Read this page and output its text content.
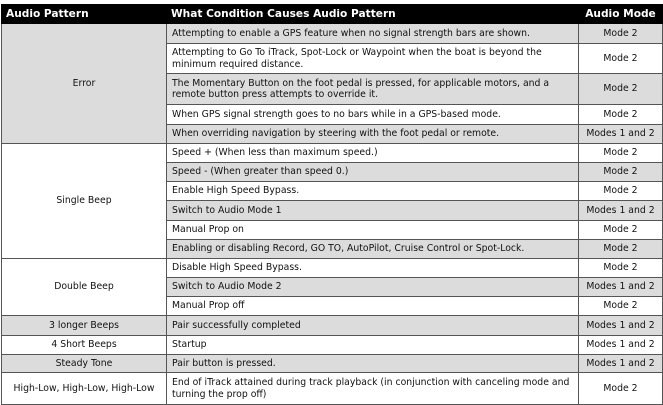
Audio Pattern	What Condition Causes Audio Pattern	Audio Mode
Error	Attempting to enable a GPS feature when no signal strength bars are shown.	Mode 2
	Attempting to Go To iTrack, Spot-Lock or Waypoint when the boat is beyond the minimum required distance.	Mode 2
	The Momentary Button on the foot pedal is pressed, for applicable motors, and a remote button press attempts to override it.	Mode 2
	When GPS signal strength goes to no bars while in a GPS-based mode.	Mode 2
	When overriding navigation by steering with the foot pedal or remote.	Modes 1 and 2
Single Beep	Speed + (When less than maximum speed.)	Mode 2
	Speed - (When greater than speed 0.)	Mode 2
	Enable High Speed Bypass.	Mode 2
	Switch to Audio Mode 1	Modes 1 and 2
	Manual Prop on	Mode 2
	Enabling or disabling Record, GO TO, AutoPilot, Cruise Control or Spot-Lock.	Mode 2
Double Beep	Disable High Speed Bypass.	Mode 2
	Switch to Audio Mode 2	Modes 1 and 2
	Manual Prop off	Mode 2
3 longer Beeps	Pair successfully completed	Modes 1 and 2
4 Short Beeps	Startup	Modes 1 and 2
Steady Tone	Pair button is pressed.	Modes 1 and 2
High-Low, High-Low, High-Low	End of iTrack attained during track playback (in conjunction with canceling mode and turning the prop off)	Mode 2
